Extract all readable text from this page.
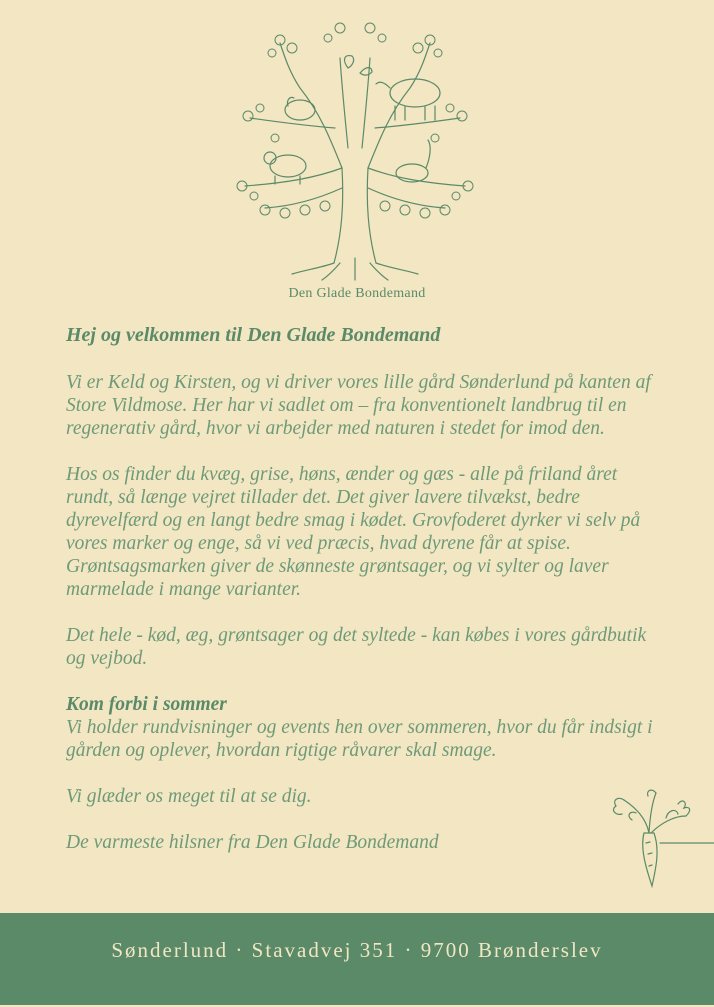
Den Glade Bondemand
Hej og velkommen til Den Glade Bondemand

Vi er Keld og Kirsten, og vi driver vores lille gård Sønderlund på kanten af Store Vildmose. Her har vi sadlet om – fra konventionelt landbrug til en regenerativ gård, hvor vi arbejder med naturen i stedet for imod den.

Hos os finder du kvæg, grise, høns, ænder og gæs - alle på friland året rundt, så længe vejret tillader det. Det giver lavere tilvækst, bedre dyrevelfærd og en langt bedre smag i kødet. Grovfoderet dyrker vi selv på vores marker og enge, så vi ved præcis, hvad dyrene får at spise. Grøntsagsmarken giver de skønneste grøntsager, og vi sylter og laver marmelade i mange varianter.

Det hele - kød, æg, grøntsager og det syltede - kan købes i vores gårdbutik og vejbod.

Kom forbi i sommer

Vi holder rundvisninger og events hen over sommeren, hvor du får indsigt i gården og oplever, hvordan rigtige råvarer skal smage.

Vi glæder os meget til at se dig.

De varmeste hilsner fra Den Glade Bondemand

Sønderlund · Stavadvej 351 · 9700 Brønderslev
